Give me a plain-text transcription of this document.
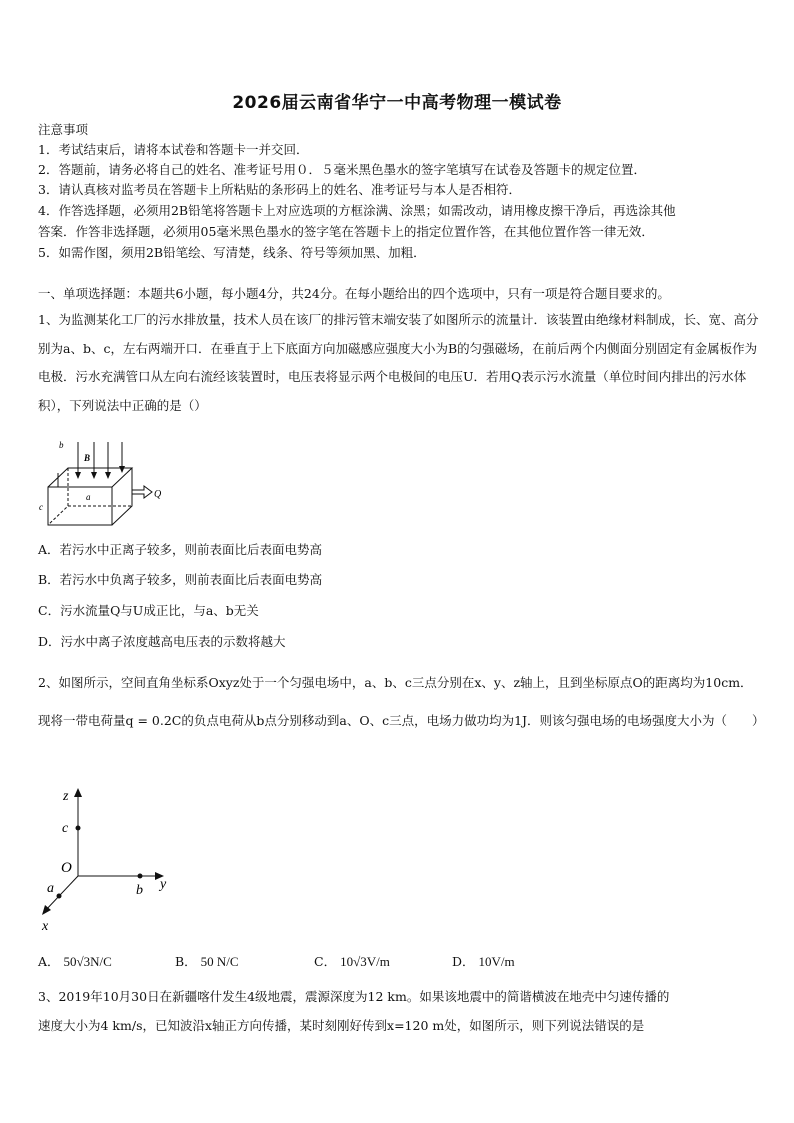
2026届云南省华宁一中高考物理一模试卷
注意事项
1．考试结束后，请将本试卷和答题卡一并交回．
2．答题前，请务必将自己的姓名、准考证号用０．５毫米黑色墨水的签字笔填写在试卷及答题卡的规定位置．
3．请认真核对监考员在答题卡上所粘贴的条形码上的姓名、准考证号与本人是否相符．
4．作答选择题，必须用2B铅笔将答题卡上对应选项的方框涂满、涂黑；如需改动，请用橡皮擦干净后，再选涂其他
答案．作答非选择题，必须用05毫米黑色墨水的签字笔在答题卡上的指定位置作答，在其他位置作答一律无效．
5．如需作图，须用2B铅笔绘、写清楚，线条、符号等须加黑、加粗．
一、单项选择题：本题共6小题，每小题4分，共24分。在每小题给出的四个选项中，只有一项是符合题目要求的。

1、为监测某化工厂的污水排放量，技术人员在该厂的排污管末端安装了如图所示的流量计．该装置由绝缘材料制成，长、宽、高分别为a、b、c，左右两端开口．在垂直于上下底面方向加磁感应强度大小为B的匀强磁场，在前后两个内侧面分别固定有金属板作为电极．污水充满管口从左向右流经该装置时，电压表将显示两个电极间的电压U．若用Q表示污水流量（单位时间内排出的污水体积），下列说法中正确的是（）

b
B
a
c
Q
A．若污水中正离子较多，则前表面比后表面电势高
B．若污水中负离子较多，则前表面比后表面电势高
C．污水流量Q与U成正比，与a、b无关
D．污水中离子浓度越高电压表的示数将越大

2、如图所示，空间直角坐标系Oxyz处于一个匀强电场中，a、b、c三点分别在x、y、z轴上，且到坐标原点O的距离均为10cm．现将一带电荷量q = 0.2C的负点电荷从b点分别移动到a、O、c三点，电场力做功均为1J．则该匀强电场的电场强度大小为（　　）

z
c
O
a	b y
x
A． 50√3N/C	B． 50 N/C	C． 10√3V/m	D． 10V/m
3、2019年10月30日在新疆喀什发生4级地震，震源深度为12 km。如果该地震中的简谐横波在地壳中匀速传播的
速度大小为4 km/s，已知波沿x轴正方向传播，某时刻刚好传到x=120 m处，如图所示，则下列说法错误的是
